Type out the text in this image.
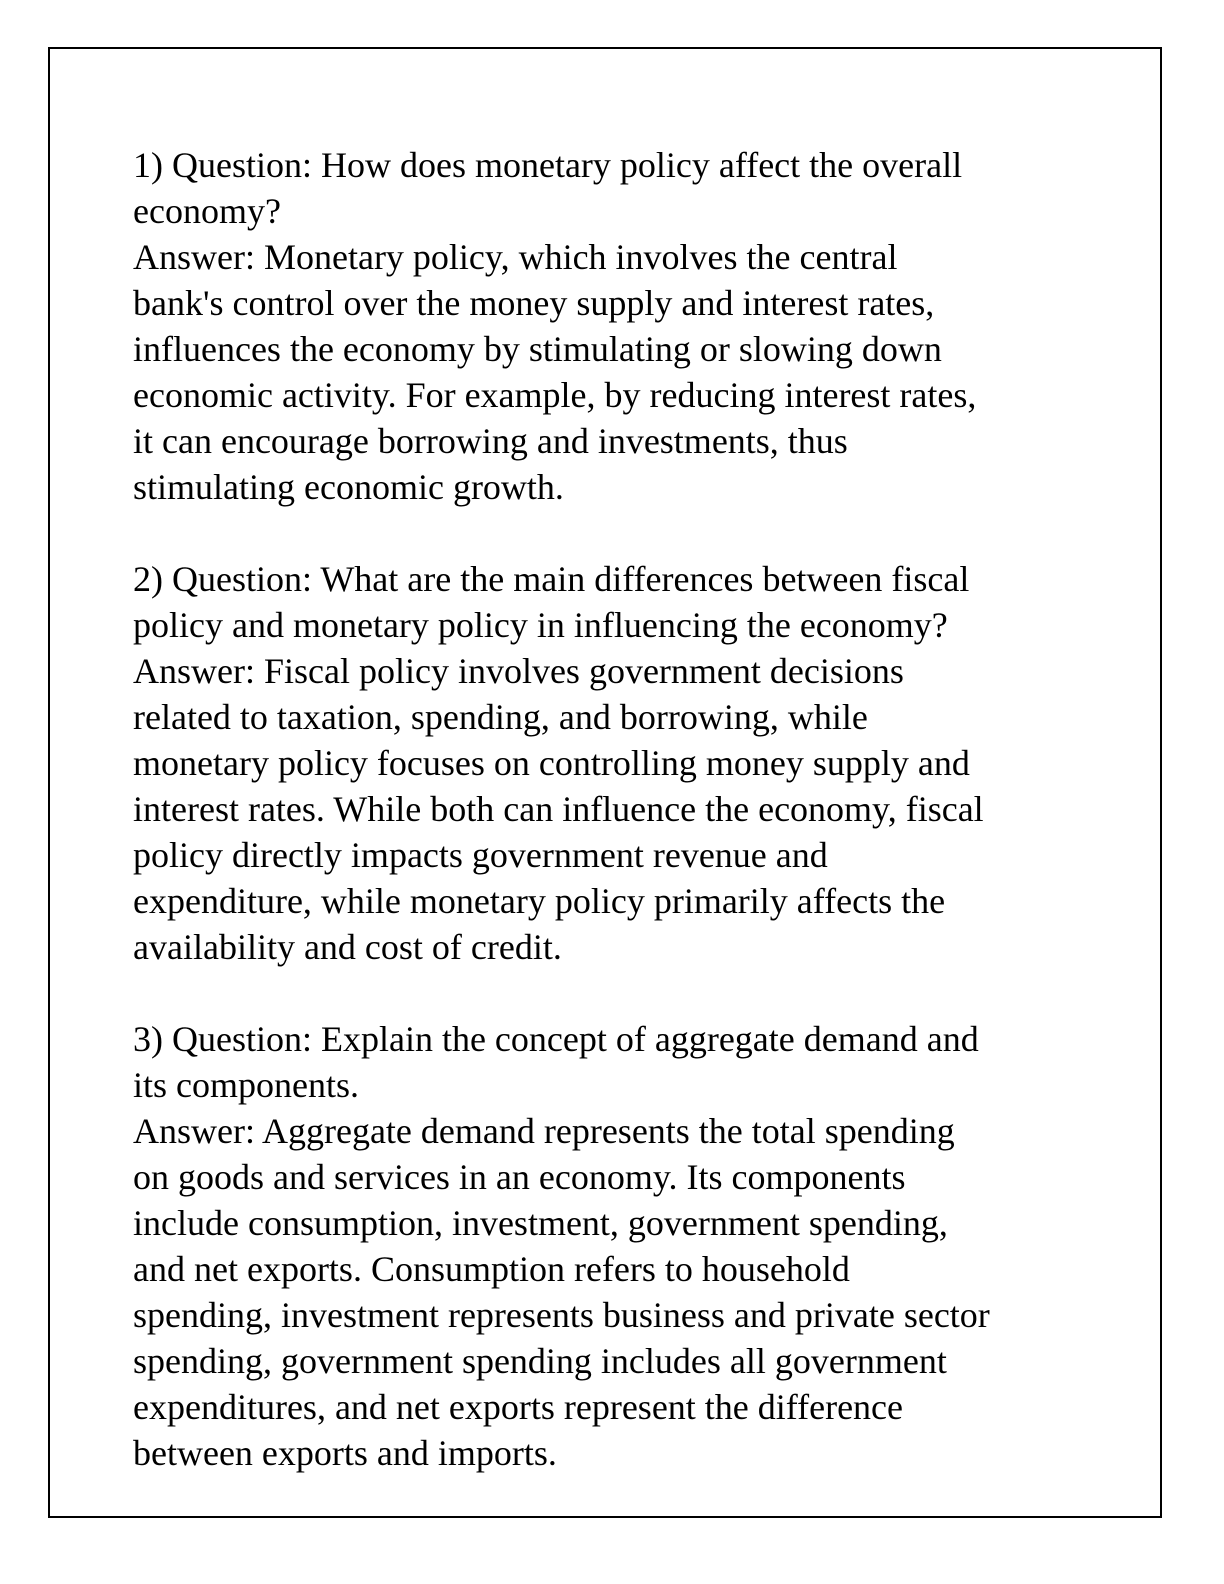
1) Question: How does monetary policy affect the overall
economy?

Answer: Monetary policy, which involves the central
bank's control over the money supply and interest rates,
influences the economy by stimulating or slowing down
economic activity. For example, by reducing interest rates,
it can encourage borrowing and investments, thus
stimulating economic growth.

2) Question: What are the main differences between fiscal
policy and monetary policy in influencing the economy?

Answer: Fiscal policy involves government decisions
related to taxation, spending, and borrowing, while
monetary policy focuses on controlling money supply and
interest rates. While both can influence the economy, fiscal
policy directly impacts government revenue and
expenditure, while monetary policy primarily affects the
availability and cost of credit.

3) Question: Explain the concept of aggregate demand and
its components.

Answer: Aggregate demand represents the total spending
on goods and services in an economy. Its components
include consumption, investment, government spending,
and net exports. Consumption refers to household
spending, investment represents business and private sector
spending, government spending includes all government
expenditures, and net exports represent the difference
between exports and imports.
